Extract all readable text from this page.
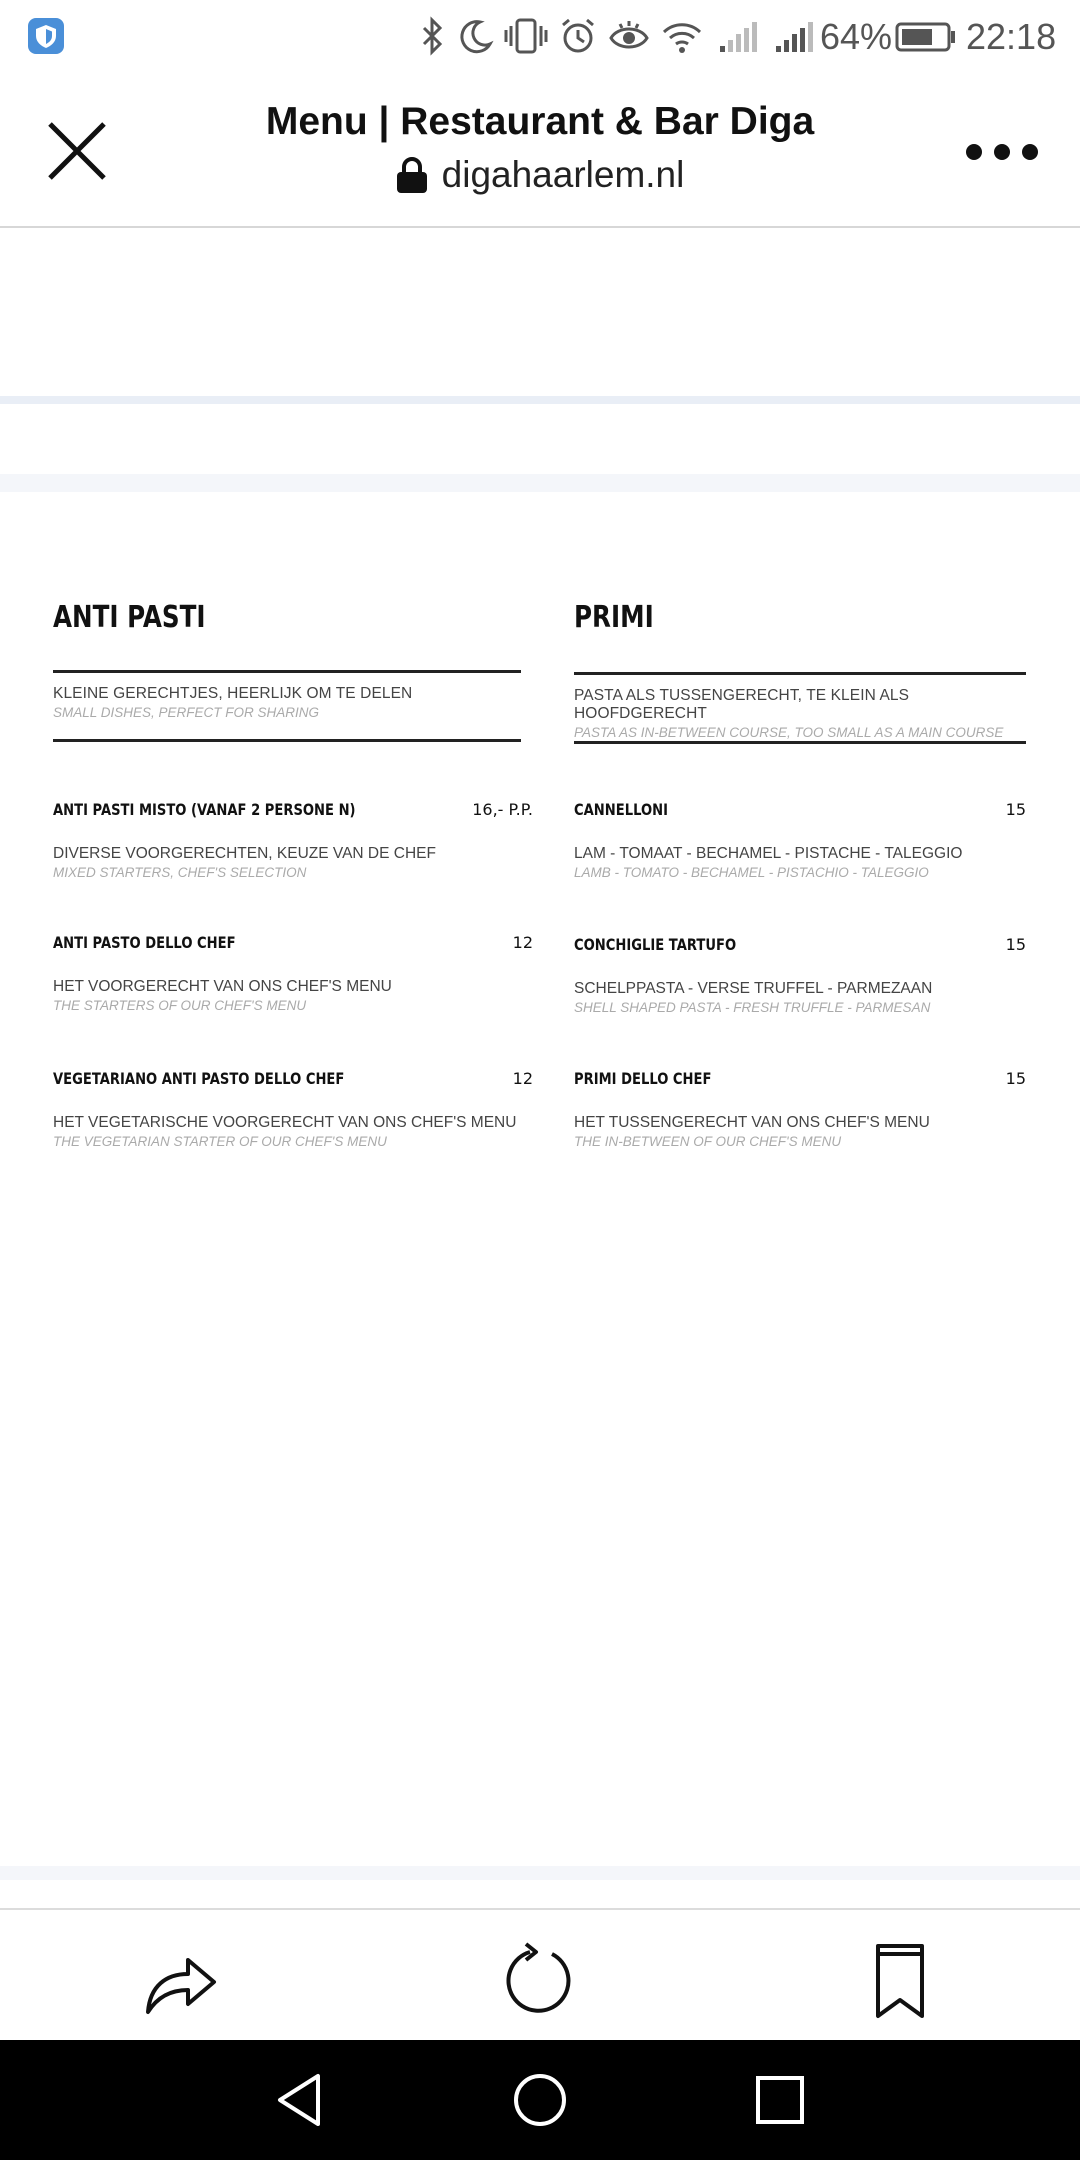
64% 22:18
Menu | Restaurant & Bar Diga
digahaarlem.nl
ANTI PASTI
KLEINE GERECHTJES, HEERLIJK OM TE DELEN
SMALL DISHES, PERFECT FOR SHARING
ANTI PASTI MISTO (VANAF 2 PERSONE N)	16,- P.P.
DIVERSE VOORGERECHTEN, KEUZE VAN DE CHEF
MIXED STARTERS, CHEF'S SELECTION
ANTI PASTO DELLO CHEF	12
HET VOORGERECHT VAN ONS CHEF'S MENU
THE STARTERS OF OUR CHEF'S MENU
VEGETARIANO ANTI PASTO DELLO CHEF	12
HET VEGETARISCHE VOORGERECHT VAN ONS CHEF'S MENU
THE VEGETARIAN STARTER OF OUR CHEF'S MENU
PRIMI
PASTA ALS TUSSENGERECHT, TE KLEIN ALS HOOFDGERECHT
PASTA AS IN-BETWEEN COURSE, TOO SMALL AS A MAIN COURSE
CANNELLONI	15
LAM - TOMAAT - BECHAMEL - PISTACHE - TALEGGIO
LAMB - TOMATO - BECHAMEL - PISTACHIO - TALEGGIO
CONCHIGLIE TARTUFO	15
SCHELPPASTA - VERSE TRUFFEL - PARMEZAAN
SHELL SHAPED PASTA - FRESH TRUFFLE - PARMESAN
PRIMI DELLO CHEF	15
HET TUSSENGERECHT VAN ONS CHEF'S MENU
THE IN-BETWEEN OF OUR CHEF'S MENU
